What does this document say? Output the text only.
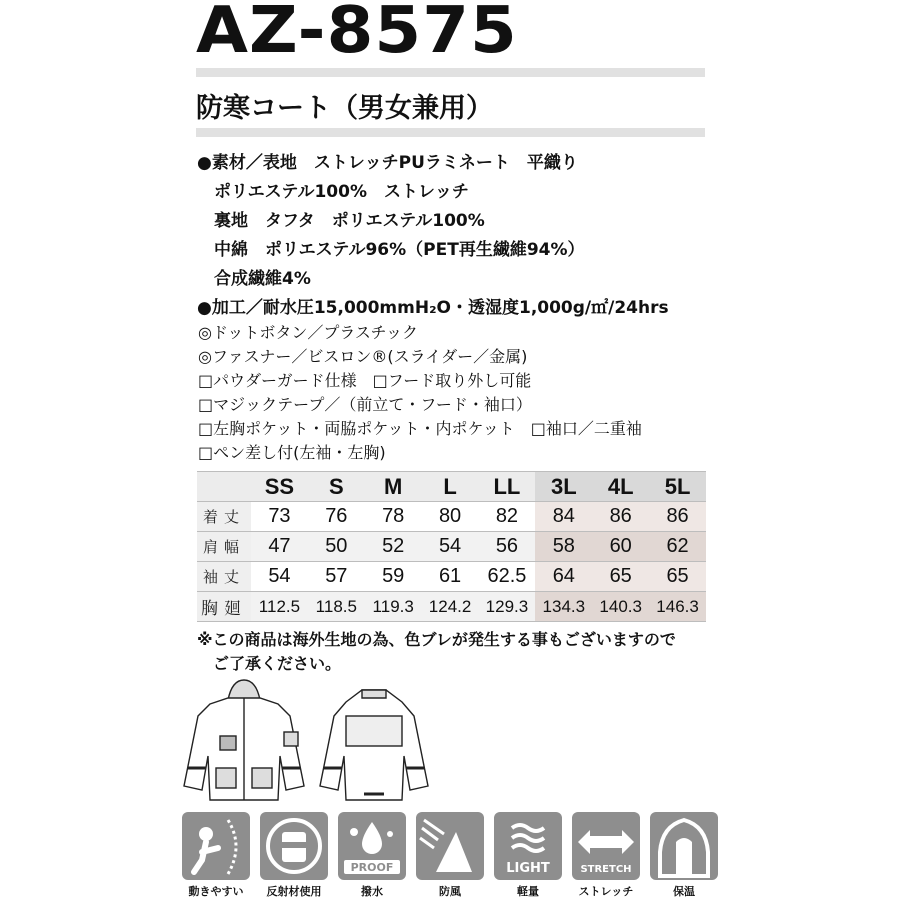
AZ-8575
防寒コート（男女兼用）
●素材／表地　ストレッチPUラミネート　平織り
　ポリエステル100%　ストレッチ
　裏地　タフタ　ポリエステル100%
　中綿　ポリエステル96%（PET再生繊維94%）
　合成繊維4%
●加工／耐水圧15,000mmH₂O・透湿度1,000g/㎡/24hrs
◎ドットボタン／プラスチック
◎ファスナー／ビスロン®(スライダー／金属)
□パウダーガード仕様　□フード取り外し可能
□マジックテープ／（前立て・フード・袖口）
□左胸ポケット・両脇ポケット・内ポケット　□袖口／二重袖
□ペン差し付(左袖・左胸)
	SS	S	M	L	LL	3L	4L	5L
着丈	73	76	78	80	82	84	86	86
肩幅	47	50	52	54	56	58	60	62
袖丈	54	57	59	61	62.5	64	65	65
胸廻	112.5	118.5	119.3	124.2	129.3	134.3	140.3	146.3
※この商品は海外生地の為、色ブレが発生する事もございますので
　ご了承ください。
動きやすい	反射材使用
PROOF
撥水	防風
LIGHT
軽量
STRETCH
ストレッチ	保温
